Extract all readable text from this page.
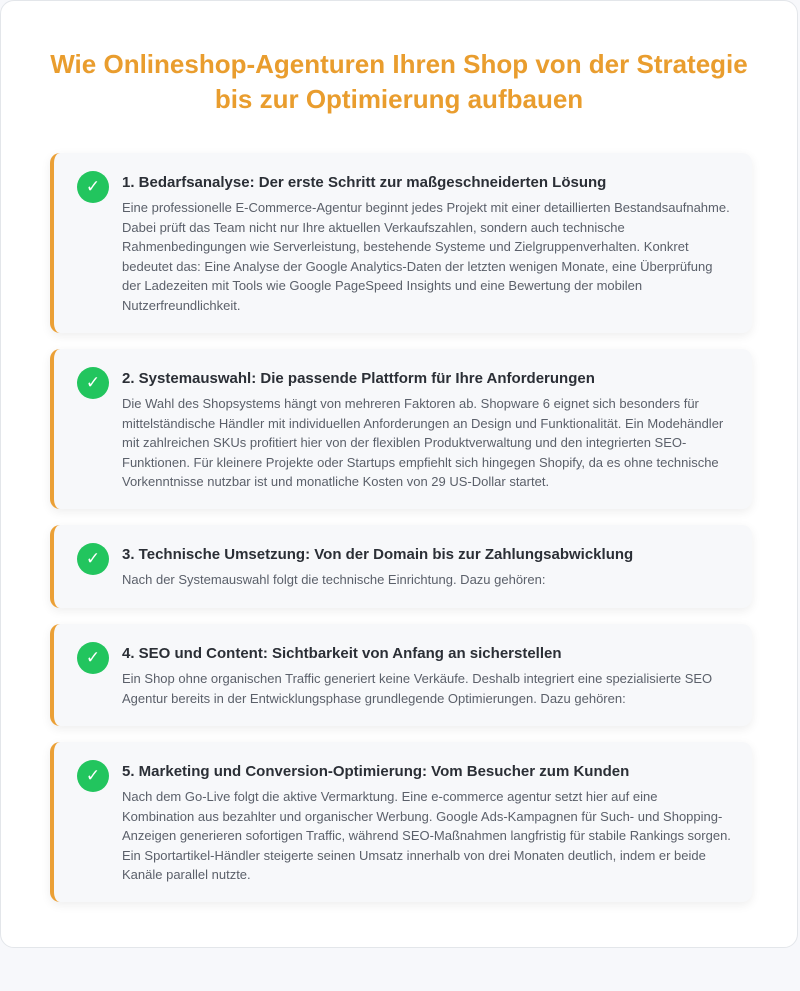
Wie Onlineshop-Agenturen Ihren Shop von der Strategie bis zur Optimierung aufbauen
✓	1. Bedarfsanalyse: Der erste Schritt zur maßgeschneiderten Lösung

Eine professionelle E-Commerce-Agentur beginnt jedes Projekt mit einer detaillierten Bestandsaufnahme. Dabei prüft das Team nicht nur Ihre aktuellen Verkaufszahlen, sondern auch technische Rahmenbedingungen wie Serverleistung, bestehende Systeme und Zielgruppenverhalten. Konkret bedeutet das: Eine Analyse der Google Analytics-Daten der letzten wenigen Monate, eine Überprüfung der Ladezeiten mit Tools wie Google PageSpeed Insights und eine Bewertung der mobilen Nutzerfreundlichkeit.

✓	2. Systemauswahl: Die passende Plattform für Ihre Anforderungen

Die Wahl des Shopsystems hängt von mehreren Faktoren ab. Shopware 6 eignet sich besonders für mittelständische Händler mit individuellen Anforderungen an Design und Funktionalität. Ein Modehändler mit zahlreichen SKUs profitiert hier von der flexiblen Produktverwaltung und den integrierten SEO-Funktionen. Für kleinere Projekte oder Startups empfiehlt sich hingegen Shopify, da es ohne technische Vorkenntnisse nutzbar ist und monatliche Kosten von 29 US-Dollar startet.

✓	3. Technische Umsetzung: Von der Domain bis zur Zahlungsabwicklung

Nach der Systemauswahl folgt die technische Einrichtung. Dazu gehören:

✓	4. SEO und Content: Sichtbarkeit von Anfang an sicherstellen

Ein Shop ohne organischen Traffic generiert keine Verkäufe. Deshalb integriert eine spezialisierte SEO Agentur bereits in der Entwicklungsphase grundlegende Optimierungen. Dazu gehören:

✓	5. Marketing und Conversion-Optimierung: Vom Besucher zum Kunden

Nach dem Go-Live folgt die aktive Vermarktung. Eine e-commerce agentur setzt hier auf eine Kombination aus bezahlter und organischer Werbung. Google Ads-Kampagnen für Such- und Shopping-Anzeigen generieren sofortigen Traffic, während SEO-Maßnahmen langfristig für stabile Rankings sorgen. Ein Sportartikel-Händler steigerte seinen Umsatz innerhalb von drei Monaten deutlich, indem er beide Kanäle parallel nutzte.
